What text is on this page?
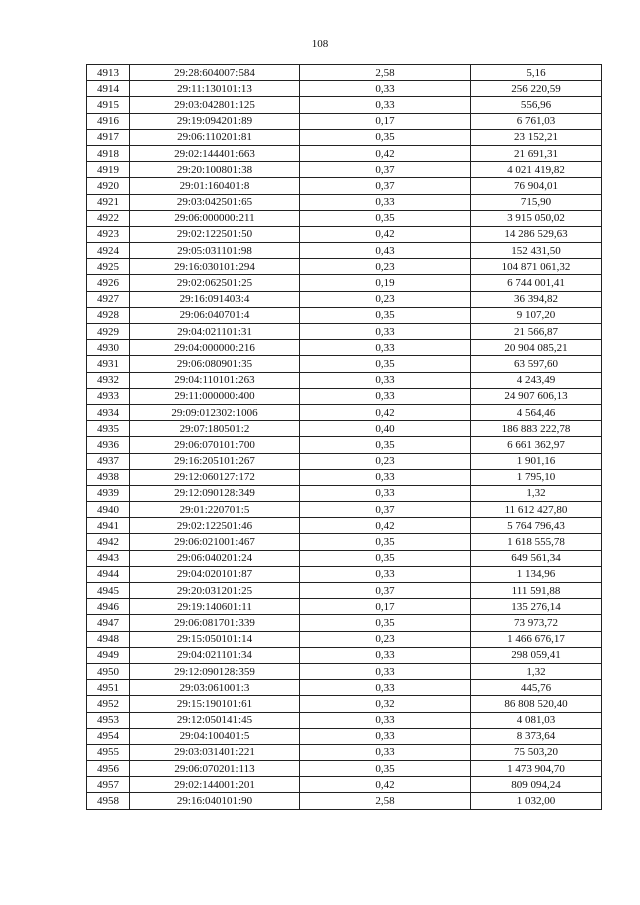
108
4913	29:28:604007:584	2,58	5,16
4914	29:11:130101:13	0,33	256 220,59
4915	29:03:042801:125	0,33	556,96
4916	29:19:094201:89	0,17	6 761,03
4917	29:06:110201:81	0,35	23 152,21
4918	29:02:144401:663	0,42	21 691,31
4919	29:20:100801:38	0,37	4 021 419,82
4920	29:01:160401:8	0,37	76 904,01
4921	29:03:042501:65	0,33	715,90
4922	29:06:000000:211	0,35	3 915 050,02
4923	29:02:122501:50	0,42	14 286 529,63
4924	29:05:031101:98	0,43	152 431,50
4925	29:16:030101:294	0,23	104 871 061,32
4926	29:02:062501:25	0,19	6 744 001,41
4927	29:16:091403:4	0,23	36 394,82
4928	29:06:040701:4	0,35	9 107,20
4929	29:04:021101:31	0,33	21 566,87
4930	29:04:000000:216	0,33	20 904 085,21
4931	29:06:080901:35	0,35	63 597,60
4932	29:04:110101:263	0,33	4 243,49
4933	29:11:000000:400	0,33	24 907 606,13
4934	29:09:012302:1006	0,42	4 564,46
4935	29:07:180501:2	0,40	186 883 222,78
4936	29:06:070101:700	0,35	6 661 362,97
4937	29:16:205101:267	0,23	1 901,16
4938	29:12:060127:172	0,33	1 795,10
4939	29:12:090128:349	0,33	1,32
4940	29:01:220701:5	0,37	11 612 427,80
4941	29:02:122501:46	0,42	5 764 796,43
4942	29:06:021001:467	0,35	1 618 555,78
4943	29:06:040201:24	0,35	649 561,34
4944	29:04:020101:87	0,33	1 134,96
4945	29:20:031201:25	0,37	111 591,88
4946	29:19:140601:11	0,17	135 276,14
4947	29:06:081701:339	0,35	73 973,72
4948	29:15:050101:14	0,23	1 466 676,17
4949	29:04:021101:34	0,33	298 059,41
4950	29:12:090128:359	0,33	1,32
4951	29:03:061001:3	0,33	445,76
4952	29:15:190101:61	0,32	86 808 520,40
4953	29:12:050141:45	0,33	4 081,03
4954	29:04:100401:5	0,33	8 373,64
4955	29:03:031401:221	0,33	75 503,20
4956	29:06:070201:113	0,35	1 473 904,70
4957	29:02:144001:201	0,42	809 094,24
4958	29:16:040101:90	2,58	1 032,00
